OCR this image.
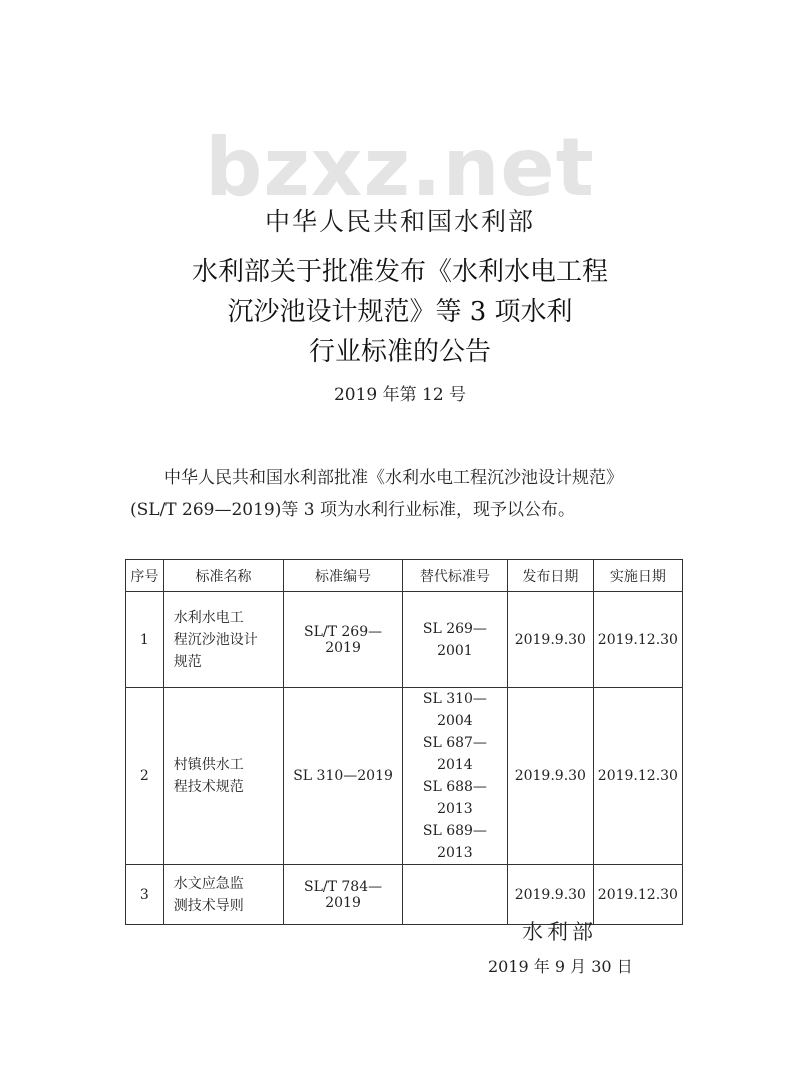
bzxz.net
中华人民共和国水利部
水利部关于批准发布《水利水电工程
沉沙池设计规范》等 3 项水利
行业标准的公告
2019 年第 12 号

中华人民共和国水利部批准《水利水电工程沉沙池设计规范》

(SL/T 269—2019)等 3 项为水利行业标准，现予以公布。

序号	标准名称	标准编号	替代标准号	发布日期	实施日期
1	水利水电工
程沉沙池设计
规范	SL/T 269—2019	SL 269—2001	2019.9.30	2019.12.30
2	村镇供水工
程技术规范	SL 310—2019	SL 310—2004
SL 687—2014
SL 688—2013
SL 689—2013	2019.9.30	2019.12.30
3	水文应急监
测技术导则	SL/T 784—2019		2019.9.30	2019.12.30
水利部
2019 年 9 月 30 日
